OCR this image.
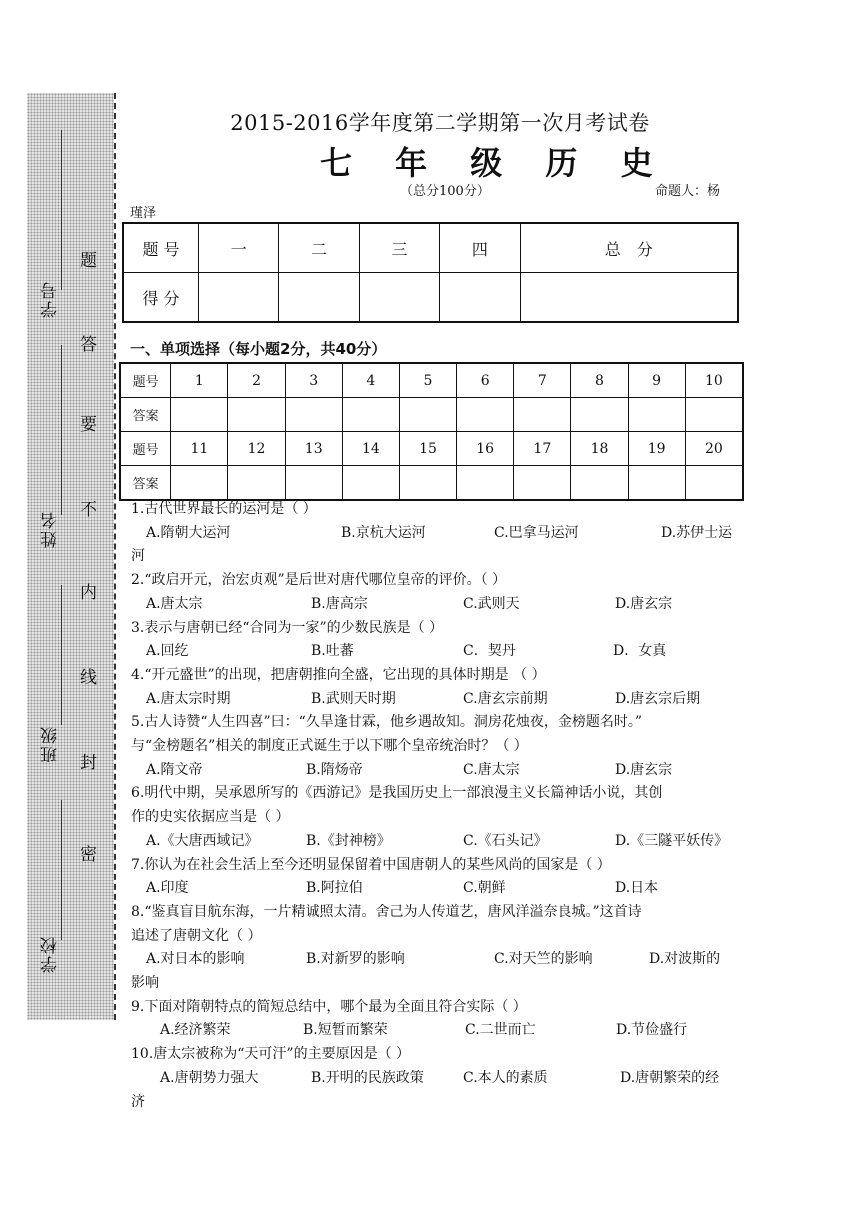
学号
姓名
班级
学校
题
答
要
不
内
线
封
密
2015-2016学年度第二学期第一次月考试卷
七 年 级 历 史
（总分100分）	命题人：杨
瑾泽
题 号	一	二	三	四	总　分
得 分					
一、单项选择（每小题2分，共40分）
题号	1	2	3	4	5	6	7	8	9	10
答案										
题号	11	12	13	14	15	16	17	18	19	20
答案										

1.古代世界最长的运河是（ ）

A.隋朝大运河	B.京杭大运河	C.巴拿马运河	D.苏伊士运

河

2.“政启开元，治宏贞观”是后世对唐代哪位皇帝的评价。（ ）

A.唐太宗	B.唐高宗	C.武则天	D.唐玄宗

3.表示与唐朝已经“合同为一家”的少数民族是（ ）

A.回纥	B.吐蕃	C．契丹	D．女真

4.“开元盛世”的出现，把唐朝推向全盛，它出现的具体时期是 （ ）

A.唐太宗时期	B.武则天时期	C.唐玄宗前期	D.唐玄宗后期

5.古人诗赞“人生四喜”曰：“久旱逢甘霖，他乡遇故知。洞房花烛夜，金榜题名时。”

与“金榜题名”相关的制度正式诞生于以下哪个皇帝统治时？（ ）

A.隋文帝	B.隋炀帝	C.唐太宗	D.唐玄宗

6.明代中期，吴承恩所写的《西游记》是我国历史上一部浪漫主义长篇神话小说，其创

作的史实依据应当是（ ）

A.《大唐西域记》	B.《封神榜》	C.《石头记》	D.《三隧平妖传》

7.你认为在社会生活上至今还明显保留着中国唐朝人的某些风尚的国家是（ ）

A.印度	B.阿拉伯	C.朝鲜	D.日本

8.“鉴真盲目航东海，一片精诚照太清。舍己为人传道艺，唐风洋溢奈良城。”这首诗

追述了唐朝文化（ ）

A.对日本的影响	B.对新罗的影响	C.对天竺的影响	D.对波斯的

影响

9.下面对隋朝特点的简短总结中，哪个最为全面且符合实际（ ）

A.经济繁荣	B.短暂而繁荣	C.二世而亡	D.节俭盛行

10.唐太宗被称为“天可汗”的主要原因是（ ）

A.唐朝势力强大	B.开明的民族政策	C.本人的素质	D.唐朝繁荣的经

济
